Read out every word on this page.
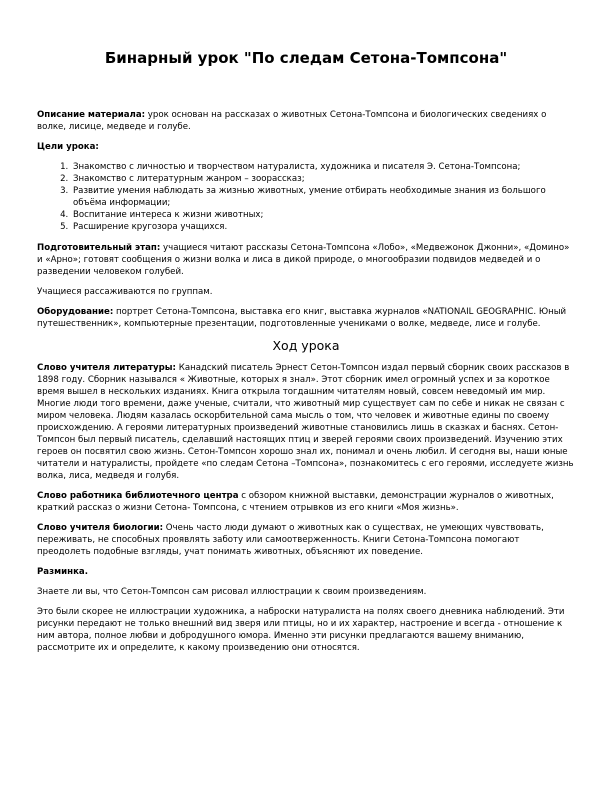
Бинарный урок "По следам Сетона-Томпсона"

Описание материала: урок основан на рассказах о животных Сетона-Томпсона и биологических сведениях о волке, лисице, медведе и голубе.

Цели урока:

1. Знакомство с личностью и творчеством натуралиста, художника и писателя Э. Сетона-Томпсона;
2. Знакомство с литературным жанром – зоорассказ;
3. Развитие умения наблюдать за жизнью животных, умение отбирать необходимые знания из большого объёма информации;
4. Воспитание интереса к жизни животных;
5. Расширение кругозора учащихся.

Подготовительный этап: учащиеся читают рассказы Сетона-Томпсона «Лобо», «Медвежонок Джонни», «Домино» и «Арно»; готовят сообщения о жизни волка и лиса в дикой природе, о многообразии подвидов медведей и о разведении человеком голубей.

Учащиеся рассаживаются по группам.

Оборудование: портрет Сетона-Томпсона, выставка его книг, выставка журналов «NATIONAIL GEOGRAPHIC. Юный путешественник», компьютерные презентации, подготовленные учениками о волке, медведе, лисе и голубе.

Ход урока

Слово учителя литературы: Канадский писатель Эрнест Сетон-Томпсон издал первый сборник своих рассказов в 1898 году. Сборник назывался « Животные, которых я знал». Этот сборник имел огромный успех и за короткое время вышел в нескольких изданиях. Книга открыла тогдашним читателям новый, совсем неведомый им мир. Многие люди того времени, даже ученые, считали, что животный мир существует сам по себе и никак не связан с миром человека. Людям казалась оскорбительной сама мысль о том, что человек и животные едины по своему происхождению. А героями литературных произведений животные становились лишь в сказках и баснях. Сетон-Томпсон был первый писатель, сделавший настоящих птиц и зверей героями своих произведений. Изучению этих героев он посвятил свою жизнь. Сетон-Томпсон хорошо знал их, понимал и очень любил. И сегодня вы, наши юные читатели и натуралисты, пройдете «по следам Сетона –Томпсона», познакомитесь с его героями, исследуете жизнь волка, лиса, медведя и голубя.

Слово работника библиотечного центра с обзором книжной выставки, демонстрации журналов о животных, краткий рассказ о жизни Сетона- Томпсона, с чтением отрывков из его книги «Моя жизнь».

Слово учителя биологии: Очень часто люди думают о животных как о существах, не умеющих чувствовать, переживать, не способных проявлять заботу или самоотверженность. Книги Сетона-Томпсона помогают преодолеть подобные взгляды, учат понимать животных, объясняют их поведение.

Разминка.

Знаете ли вы, что Сетон-Томпсон сам рисовал иллюстрации к своим произведениям.

Это были скорее не иллюстрации художника, а наброски натуралиста на полях своего дневника наблюдений. Эти рисунки передают не только внешний вид зверя или птицы, но и их характер, настроение и всегда - отношение к ним автора, полное любви и добродушного юмора. Именно эти рисунки предлагаются вашему вниманию, рассмотрите их и определите, к какому произведению они относятся.
